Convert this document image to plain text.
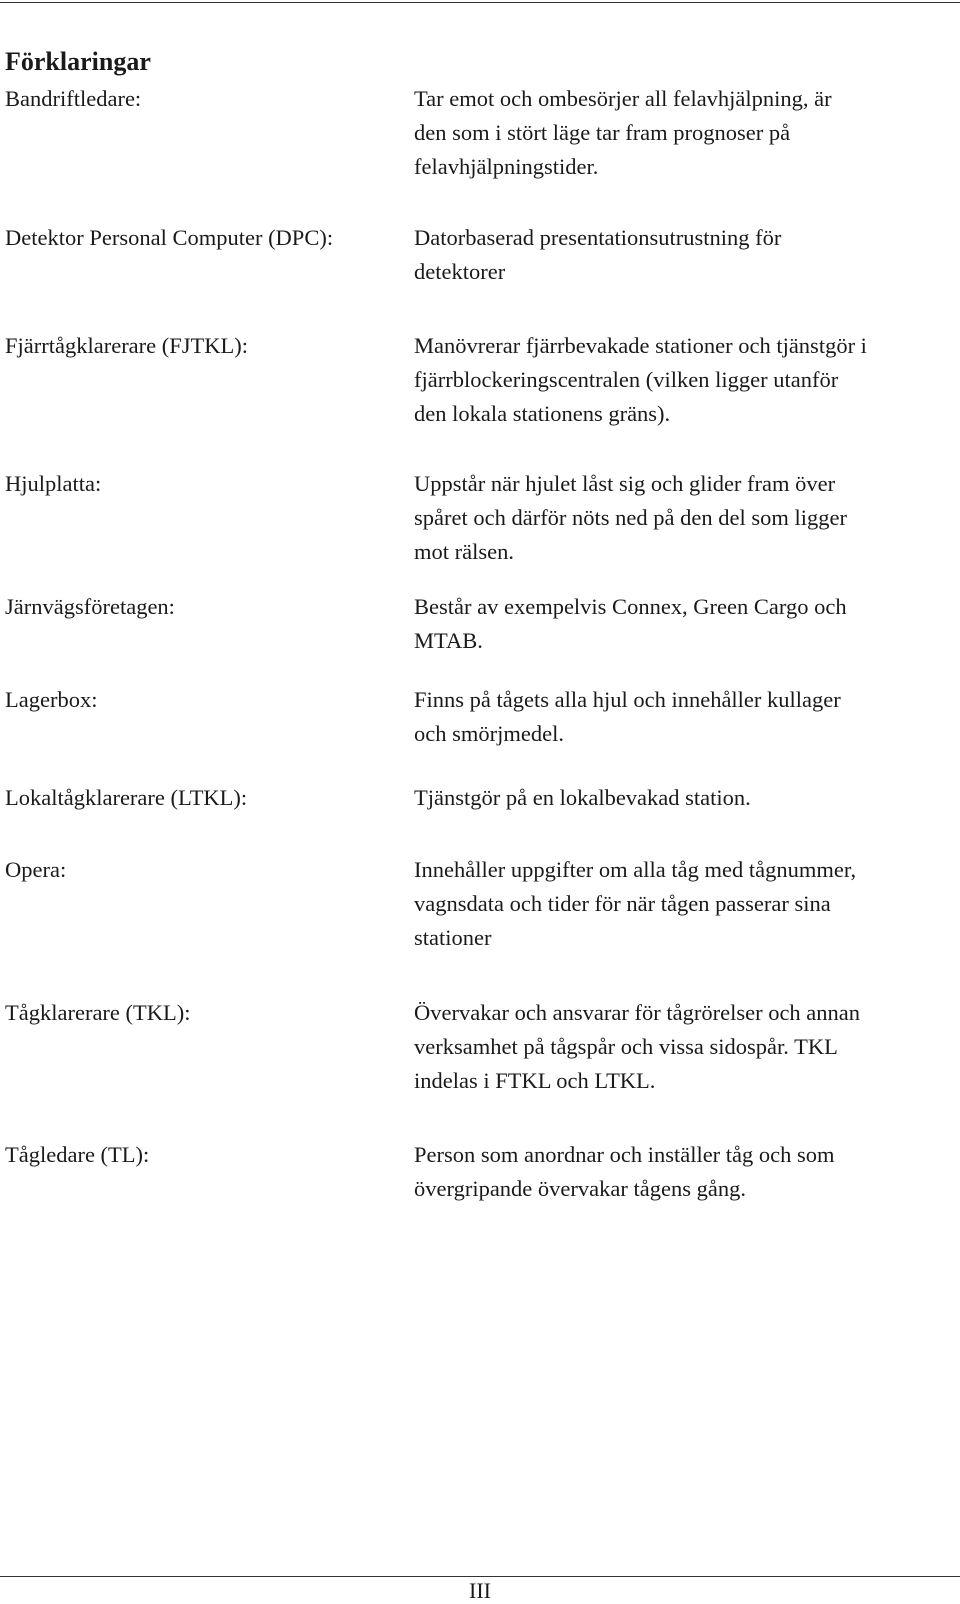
Förklaringar
Bandriftledare:	Tar emot och ombesörjer all felavhjälpning, är
den som i stört läge tar fram prognoser på
felavhjälpningstider.
Detektor Personal Computer (DPC):	Datorbaserad presentationsutrustning för
detektorer
Fjärrtågklarerare (FJTKL):	Manövrerar fjärrbevakade stationer och tjänstgör i
fjärrblockeringscentralen (vilken ligger utanför
den lokala stationens gräns).
Hjulplatta:	Uppstår när hjulet låst sig och glider fram över
spåret och därför nöts ned på den del som ligger
mot rälsen.
Järnvägsföretagen:	Består av exempelvis Connex, Green Cargo och
MTAB.
Lagerbox:	Finns på tågets alla hjul och innehåller kullager
och smörjmedel.
Lokaltågklarerare (LTKL):	Tjänstgör på en lokalbevakad station.
Opera:	Innehåller uppgifter om alla tåg med tågnummer,
vagnsdata och tider för när tågen passerar sina
stationer
Tågklarerare (TKL):	Övervakar och ansvarar för tågrörelser och annan
verksamhet på tågspår och vissa sidospår. TKL
indelas i FTKL och LTKL.
Tågledare (TL):	Person som anordnar och inställer tåg och som
övergripande övervakar tågens gång.
III
